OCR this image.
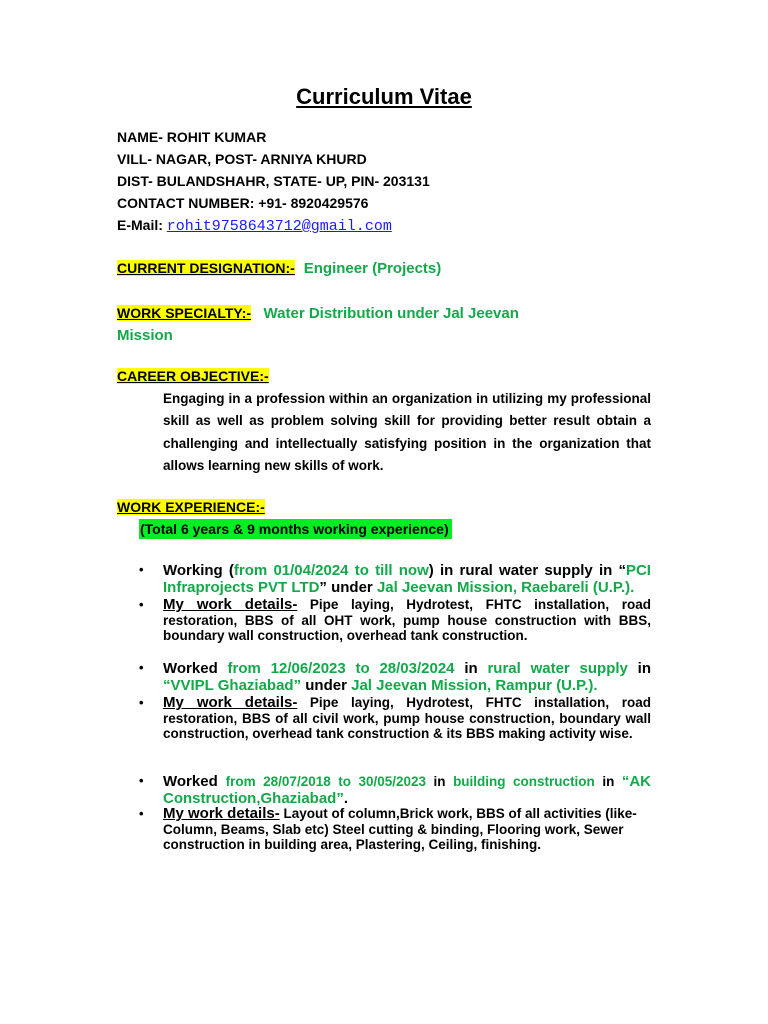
Curriculum Vitae
NAME- ROHIT KUMAR
VILL- NAGAR, POST- ARNIYA KHURD
DIST- BULANDSHAHR, STATE- UP, PIN- 203131
CONTACT NUMBER: +91- 8920429576
E-Mail: rohit9758643712@gmail.com
CURRENT DESIGNATION:- Engineer (Projects)
WORK SPECIALTY:- Water Distribution under Jal Jeevan
Mission
CAREER OBJECTIVE:-
Engaging in a profession within an organization in utilizing my professional skill as well as problem solving skill for providing better result obtain a challenging and intellectually satisfying position in the organization that allows learning new skills of work.
WORK EXPERIENCE:-
(Total 6 years & 9 months working experience)
• Working (from 01/04/2024 to till now) in rural water supply in “PCI Infraprojects PVT LTD” under Jal Jeevan Mission, Raebareli (U.P.).
• My work details- Pipe laying, Hydrotest, FHTC installation, road restoration, BBS of all OHT work, pump house construction with BBS, boundary wall construction, overhead tank construction.
• Worked from 12/06/2023 to 28/03/2024 in rural water supply in “VVIPL Ghaziabad” under Jal Jeevan Mission, Rampur (U.P.).
• My work details- Pipe laying, Hydrotest, FHTC installation, road restoration, BBS of all civil work, pump house construction, boundary wall construction, overhead tank construction & its BBS making activity wise.
• Worked from 28/07/2018 to 30/05/2023 in building construction in “AK Construction,Ghaziabad”.
• My work details- Layout of column,Brick work, BBS of all activities (like- Column, Beams, Slab etc) Steel cutting & binding, Flooring work, Sewer construction in building area, Plastering, Ceiling, finishing.
